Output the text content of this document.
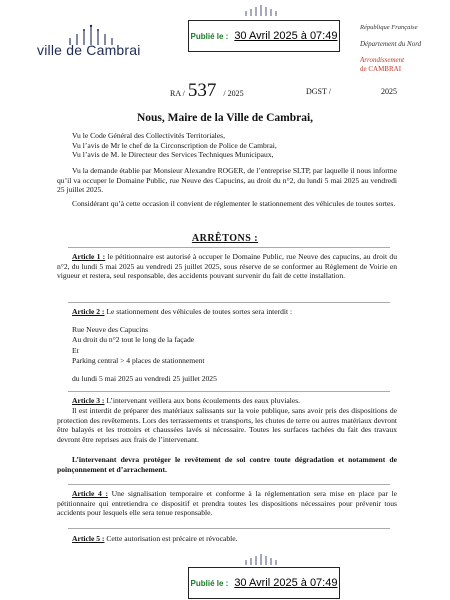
Publié le : 30 Avril 2025 à 07:49
ville de Cambrai
République Française
Département du Nord
Arrondissement
de CAMBRAI
RA / 537 / 2025	DGST /	2025
Nous, Maire de la Ville de Cambrai,
Vu le Code Général des Collectivités Territoriales,
Vu l’avis de Mr le chef de la Circonscription de Police de Cambrai,
Vu l’avis de M. le Directeur des Services Techniques Municipaux,
Vu la demande établie par Monsieur Alexandre ROGER, de l’entreprise SLTP, par laquelle il nous informe qu’il va occuper le Domaine Public, rue Neuve des Capucins, au droit du n°2, du lundi 5 mai 2025 au vendredi 25 juillet 2025.
Considérant qu’à cette occasion il convient de réglementer le stationnement des véhicules de toutes sortes.
ARRÊTONS :
Article 1 : le pétitionnaire est autorisé à occuper le Domaine Public, rue Neuve des capucins, au droit du n°2, du lundi 5 mai 2025 au vendredi 25 juillet 2025, sous réserve de se conformer au Règlement de Voirie en vigueur et restera, seul responsable, des accidents pouvant survenir du fait de cette installation.
Article 2 : Le stationnement des véhicules de toutes sortes sera interdit :
Rue Neuve des Capucins
Au droit du n°2 tout le long de la façade
Et
Parking central > 4 places de stationnement
du lundi 5 mai 2025 au vendredi 25 juillet 2025
Article 3 : L’intervenant veillera aux bons écoulements des eaux pluviales.
Il est interdit de préparer des matériaux salissants sur la voie publique, sans avoir pris des dispositions de protection des revêtements. Lors des terrassements et transports, les chutes de terre ou autres matériaux devront être balayés et les trottoirs et chaussées lavés si nécessaire. Toutes les surfaces tachées du fait des travaux devront être reprises aux frais de l’intervenant.
L’intervenant devra protéger le revêtement de sol contre toute dégradation et notamment de poinçonnement et d’arrachement.
Article 4 : Une signalisation temporaire et conforme à la réglementation sera mise en place par le pétitionnaire qui entretiendra ce dispositif et prendra toutes les dispositions nécessaires pour prévenir tous accidents pour lesquels elle sera tenue responsable.
Article 5 : Cette autorisation est précaire et révocable.
Publié le : 30 Avril 2025 à 07:49
